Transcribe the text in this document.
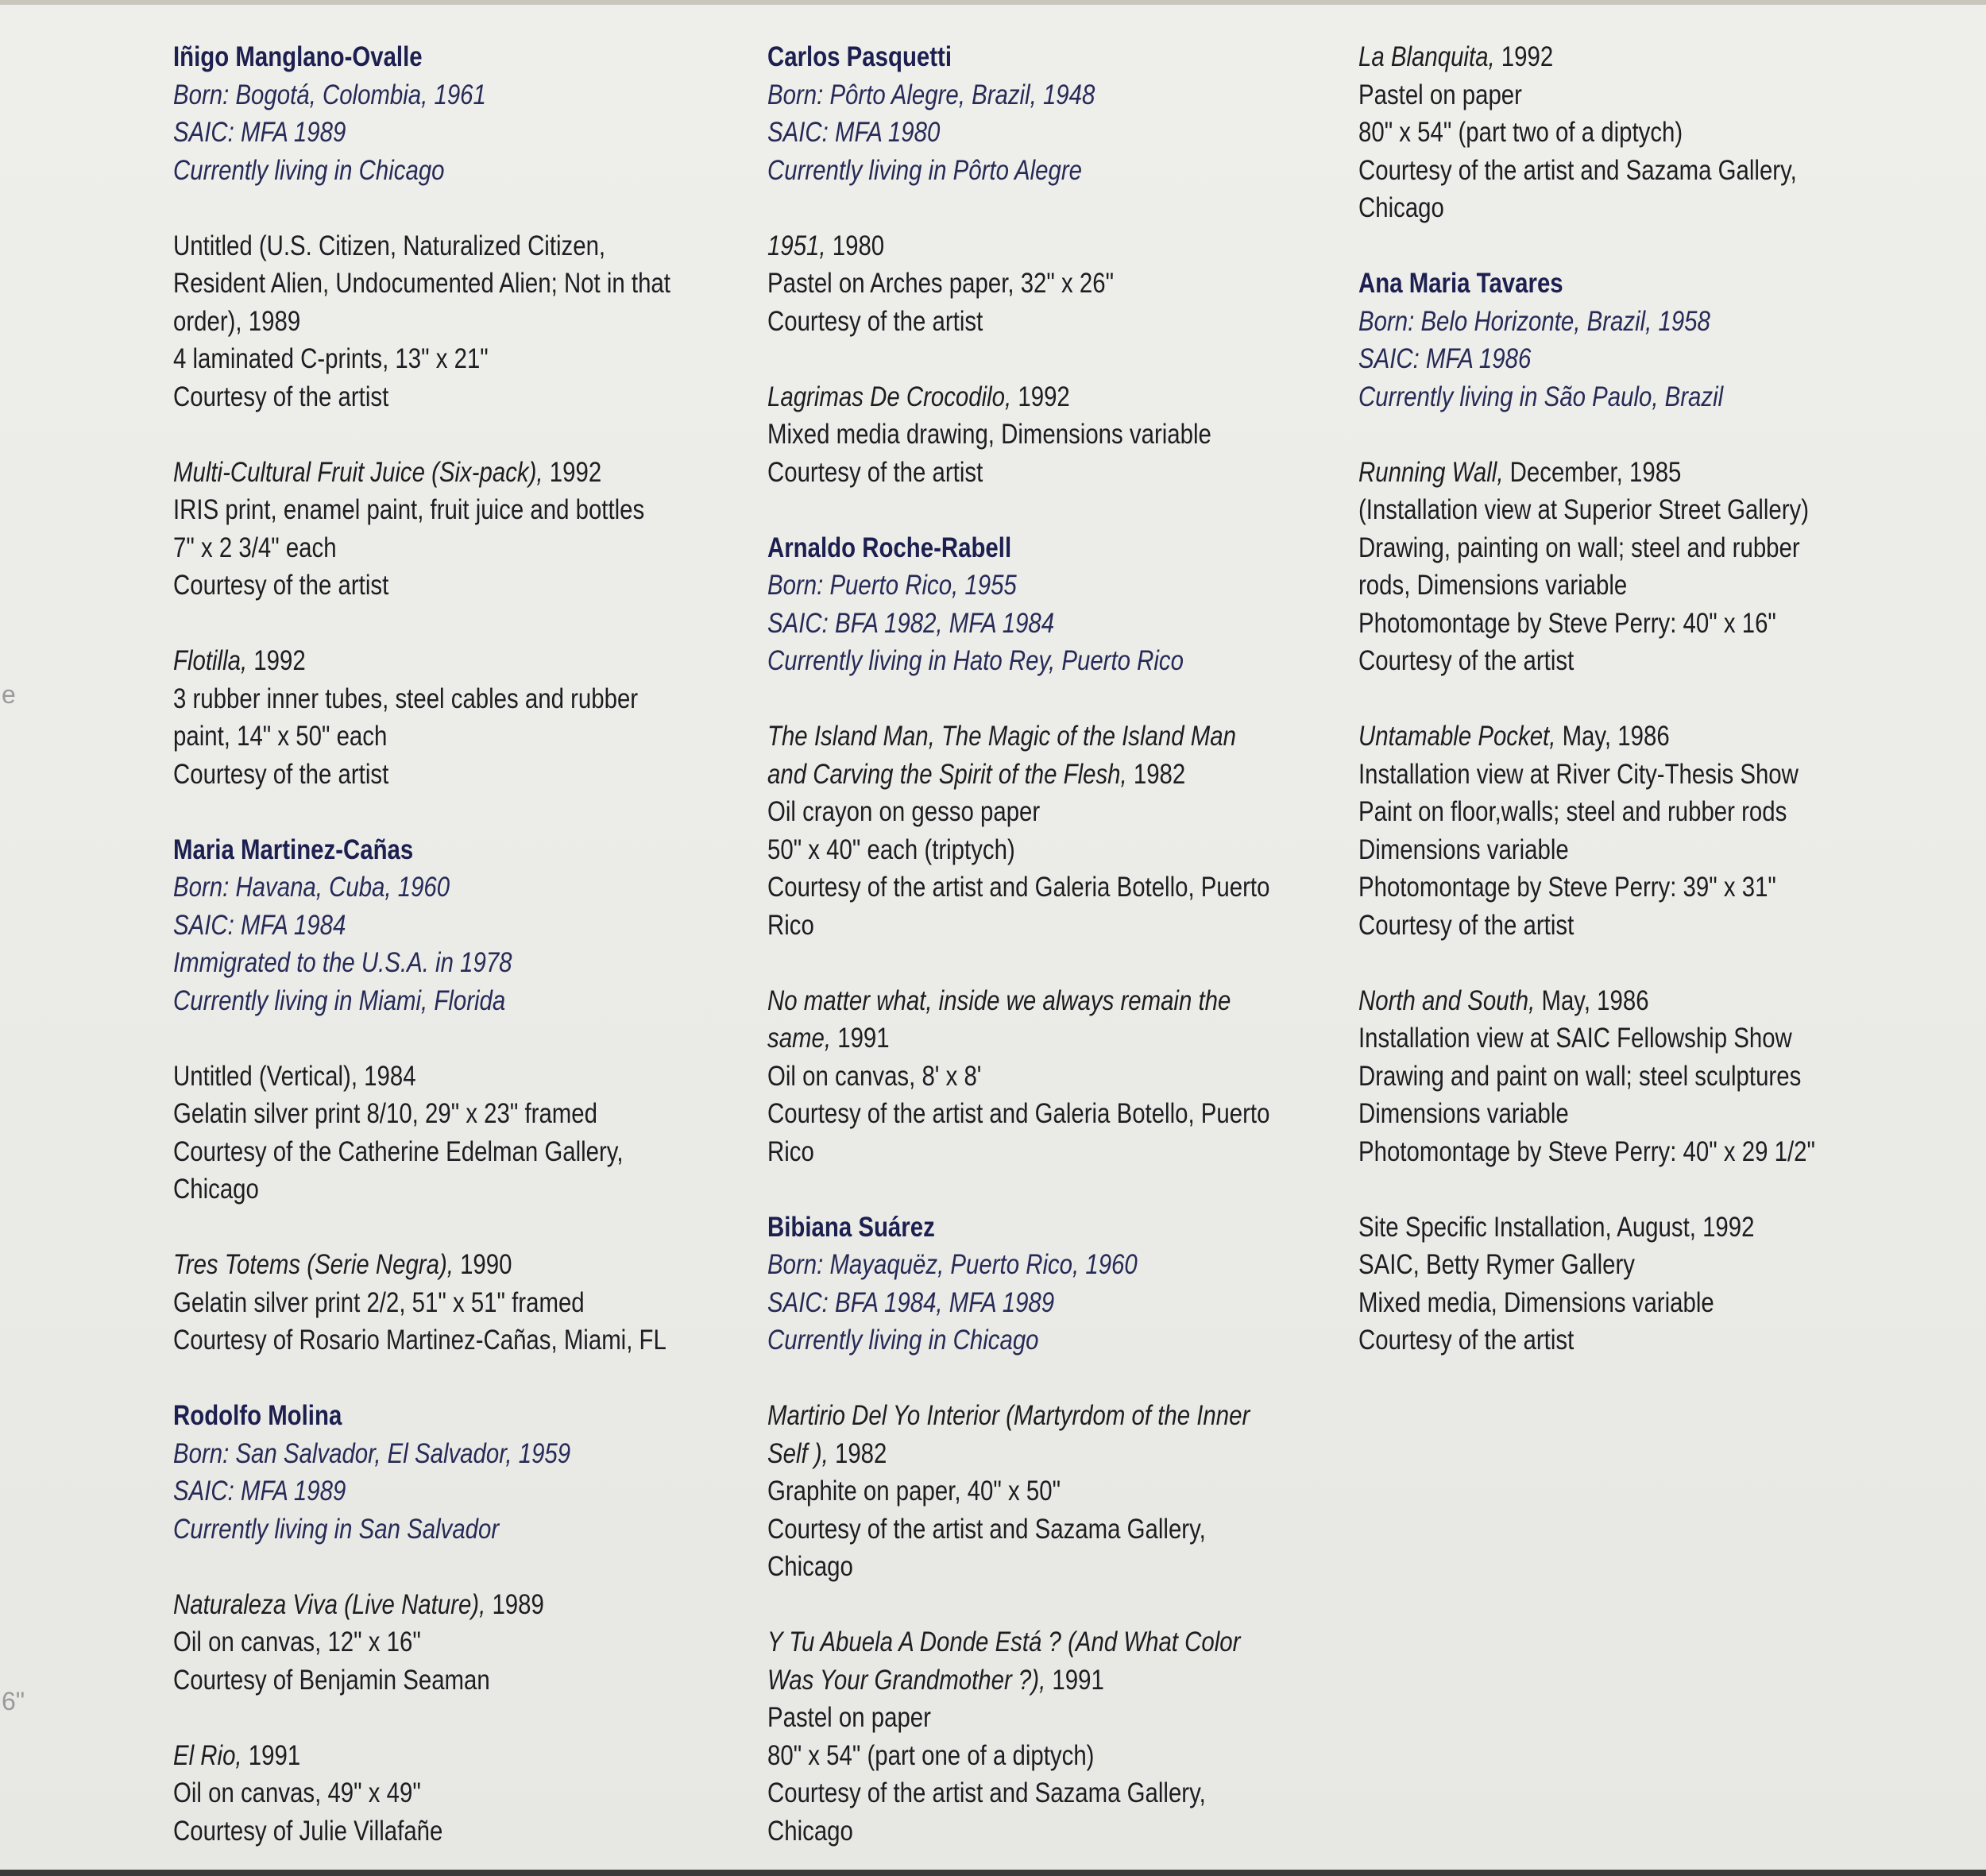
Iñigo Manglano-Ovalle
Born: Bogotá, Colombia, 1961
SAIC: MFA 1989
Currently living in Chicago
Untitled (U.S. Citizen, Naturalized Citizen,
Resident Alien, Undocumented Alien; Not in that
order), 1989
4 laminated C-prints, 13" x 21"
Courtesy of the artist
Multi-Cultural Fruit Juice (Six-pack), 1992
IRIS print, enamel paint, fruit juice and bottles
7" x 2 3/4" each
Courtesy of the artist
Flotilla, 1992
3 rubber inner tubes, steel cables and rubber
paint, 14" x 50" each
Courtesy of the artist
Maria Martinez-Cañas
Born: Havana, Cuba, 1960
SAIC: MFA 1984
Immigrated to the U.S.A. in 1978
Currently living in Miami, Florida
Untitled (Vertical), 1984
Gelatin silver print 8/10, 29" x 23" framed
Courtesy of the Catherine Edelman Gallery,
Chicago
Tres Totems (Serie Negra), 1990
Gelatin silver print 2/2, 51" x 51" framed
Courtesy of Rosario Martinez-Cañas, Miami, FL
Rodolfo Molina
Born: San Salvador, El Salvador, 1959
SAIC: MFA 1989
Currently living in San Salvador
Naturaleza Viva (Live Nature), 1989
Oil on canvas, 12" x 16"
Courtesy of Benjamin Seaman
El Rio, 1991
Oil on canvas, 49" x 49"
Courtesy of Julie Villafañe
Carlos Pasquetti
Born: Pôrto Alegre, Brazil, 1948
SAIC: MFA 1980
Currently living in Pôrto Alegre
1951, 1980
Pastel on Arches paper, 32" x 26"
Courtesy of the artist
Lagrimas De Crocodilo, 1992
Mixed media drawing, Dimensions variable
Courtesy of the artist
Arnaldo Roche-Rabell
Born: Puerto Rico, 1955
SAIC: BFA 1982, MFA 1984
Currently living in Hato Rey, Puerto Rico
The Island Man, The Magic of the Island Man
and Carving the Spirit of the Flesh, 1982
Oil crayon on gesso paper
50" x 40" each (triptych)
Courtesy of the artist and Galeria Botello, Puerto
Rico
No matter what, inside we always remain the
same, 1991
Oil on canvas, 8' x 8'
Courtesy of the artist and Galeria Botello, Puerto
Rico
Bibiana Suárez
Born: Mayaquëz, Puerto Rico, 1960
SAIC: BFA 1984, MFA 1989
Currently living in Chicago
Martirio Del Yo Interior (Martyrdom of the Inner
Self ), 1982
Graphite on paper, 40" x 50"
Courtesy of the artist and Sazama Gallery,
Chicago
Y Tu Abuela A Donde Está ? (And What Color
Was Your Grandmother ?), 1991
Pastel on paper
80" x 54" (part one of a diptych)
Courtesy of the artist and Sazama Gallery,
Chicago
La Blanquita, 1992
Pastel on paper
80" x 54" (part two of a diptych)
Courtesy of the artist and Sazama Gallery,
Chicago
Ana Maria Tavares
Born: Belo Horizonte, Brazil, 1958
SAIC: MFA 1986
Currently living in São Paulo, Brazil
Running Wall, December, 1985
(Installation view at Superior Street Gallery)
Drawing, painting on wall; steel and rubber
rods, Dimensions variable
Photomontage by Steve Perry: 40" x 16"
Courtesy of the artist
Untamable Pocket, May, 1986
Installation view at River City-Thesis Show
Paint on floor,walls; steel and rubber rods
Dimensions variable
Photomontage by Steve Perry: 39" x 31"
Courtesy of the artist
North and South, May, 1986
Installation view at SAIC Fellowship Show
Drawing and paint on wall; steel sculptures
Dimensions variable
Photomontage by Steve Perry: 40" x 29 1/2"
Site Specific Installation, August, 1992
SAIC, Betty Rymer Gallery
Mixed media, Dimensions variable
Courtesy of the artist
e
6"
